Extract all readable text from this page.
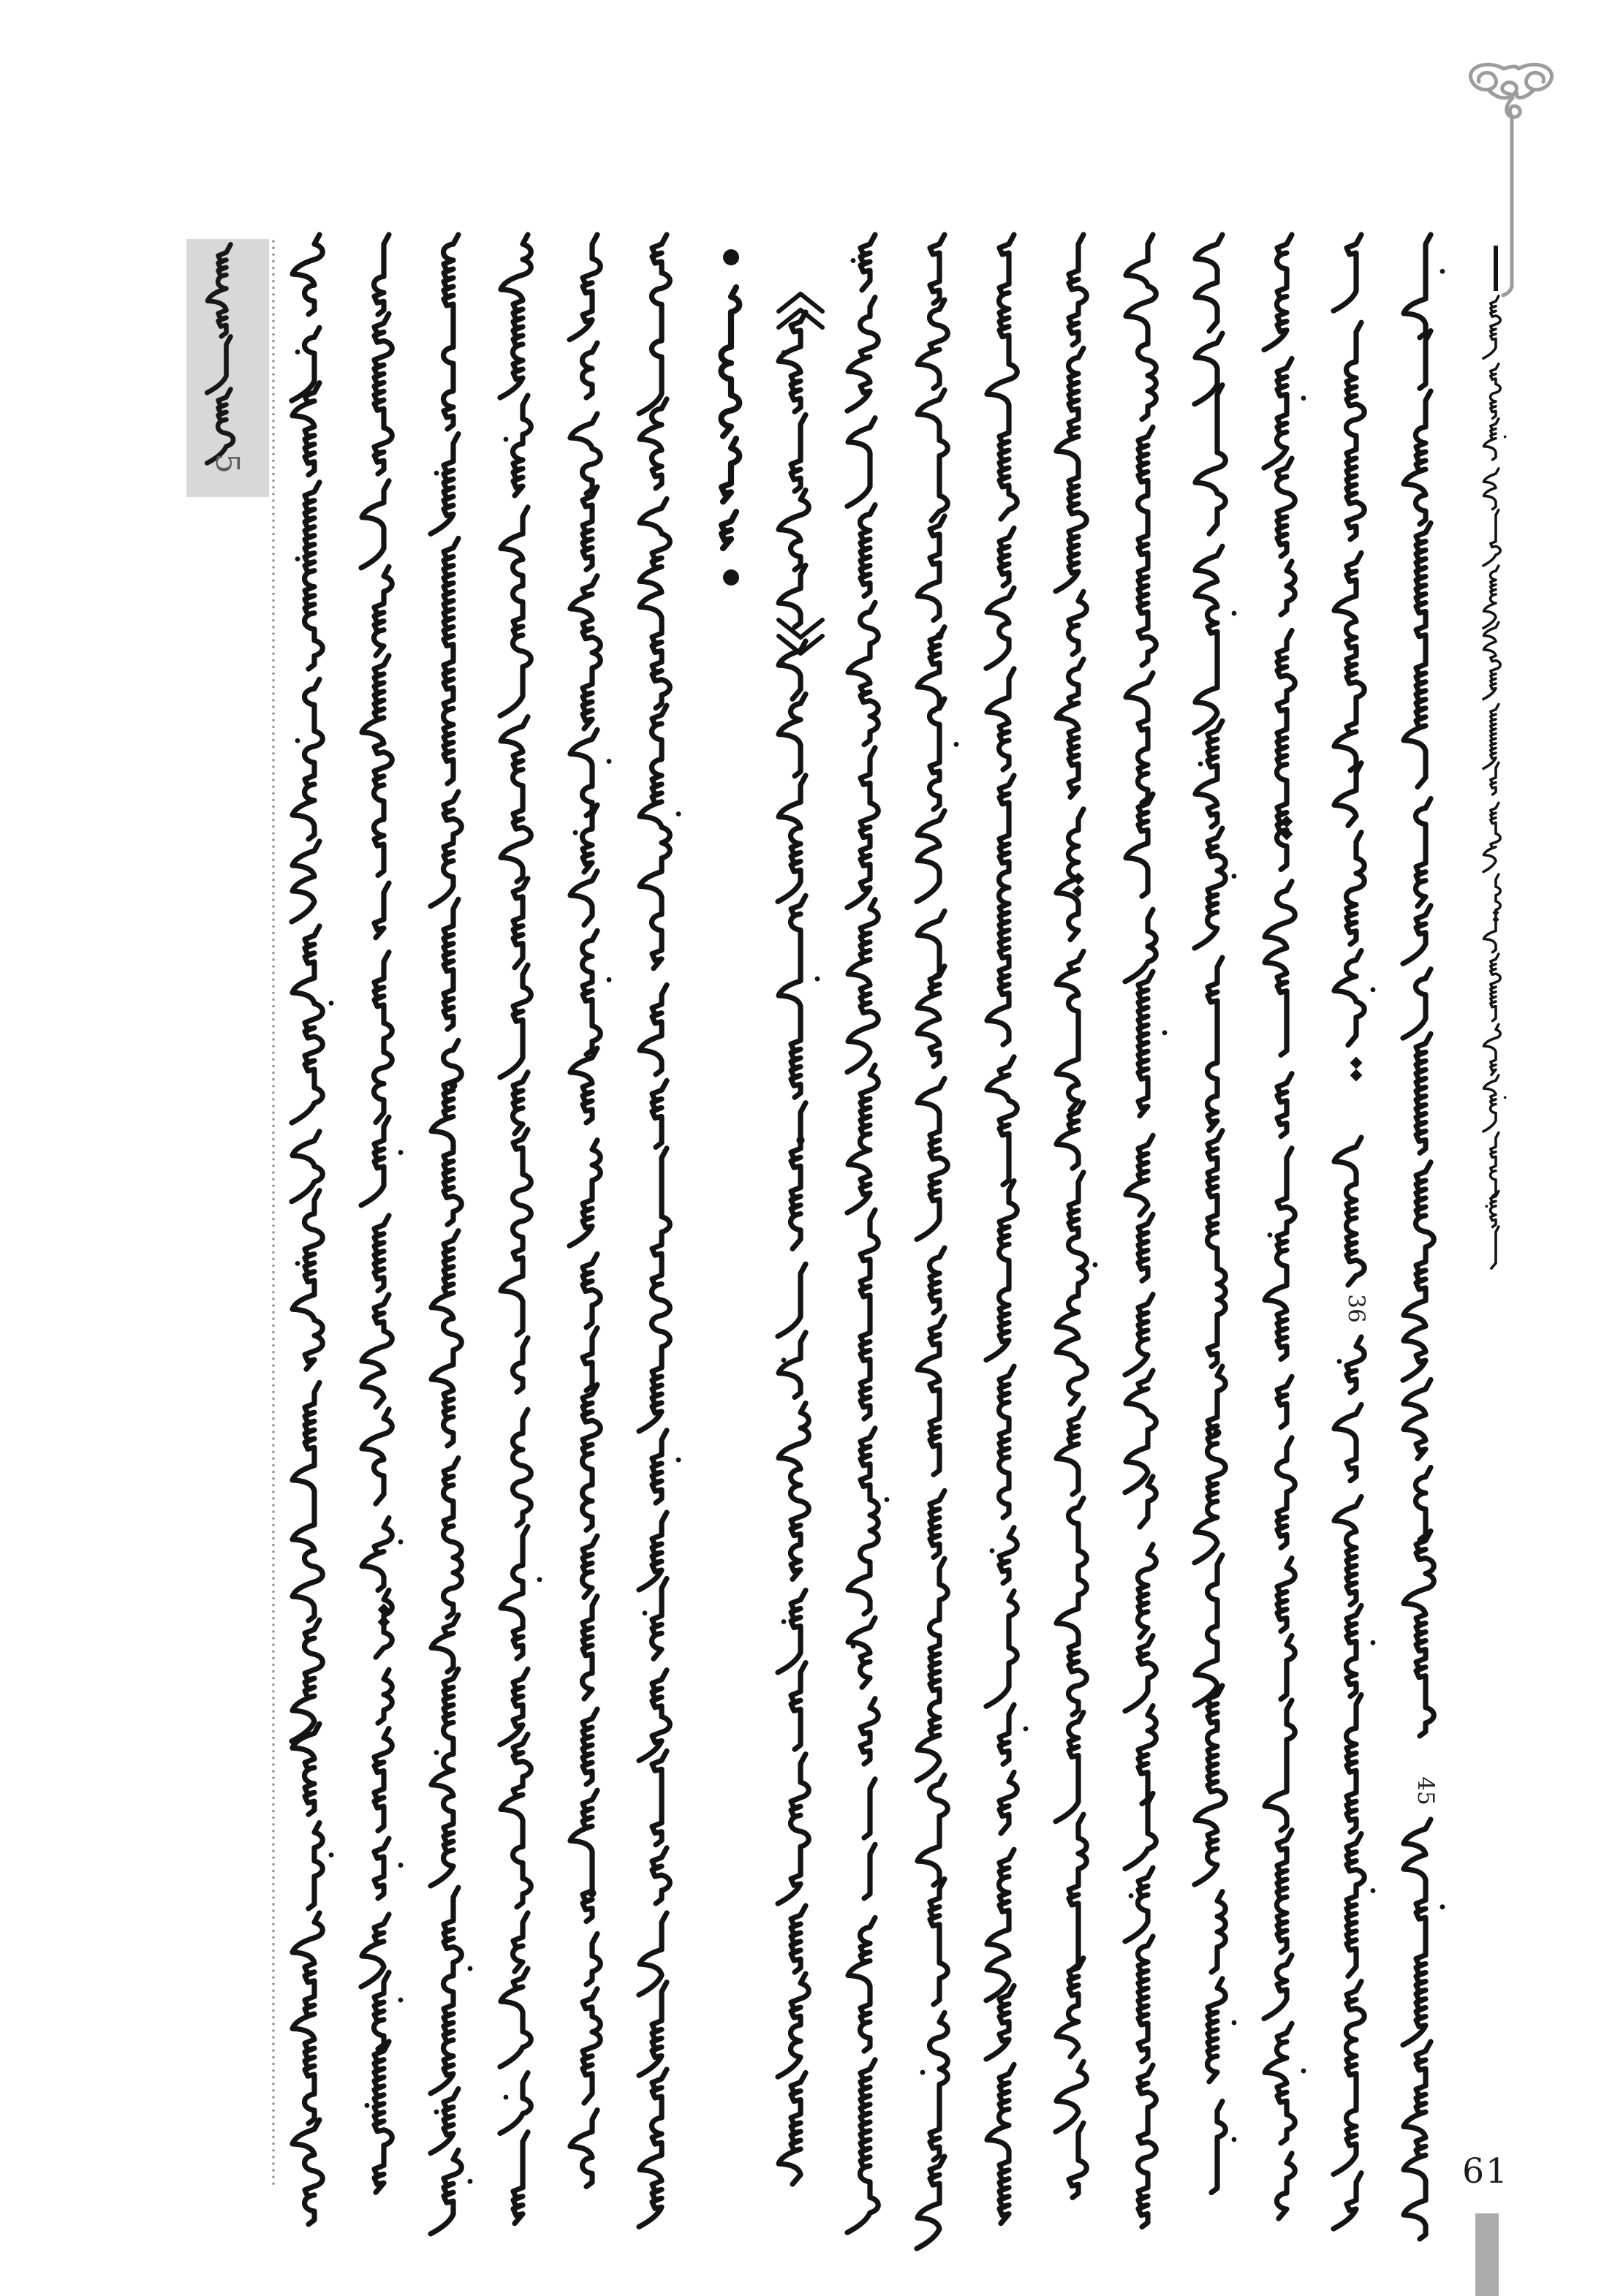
5
36
45
61
